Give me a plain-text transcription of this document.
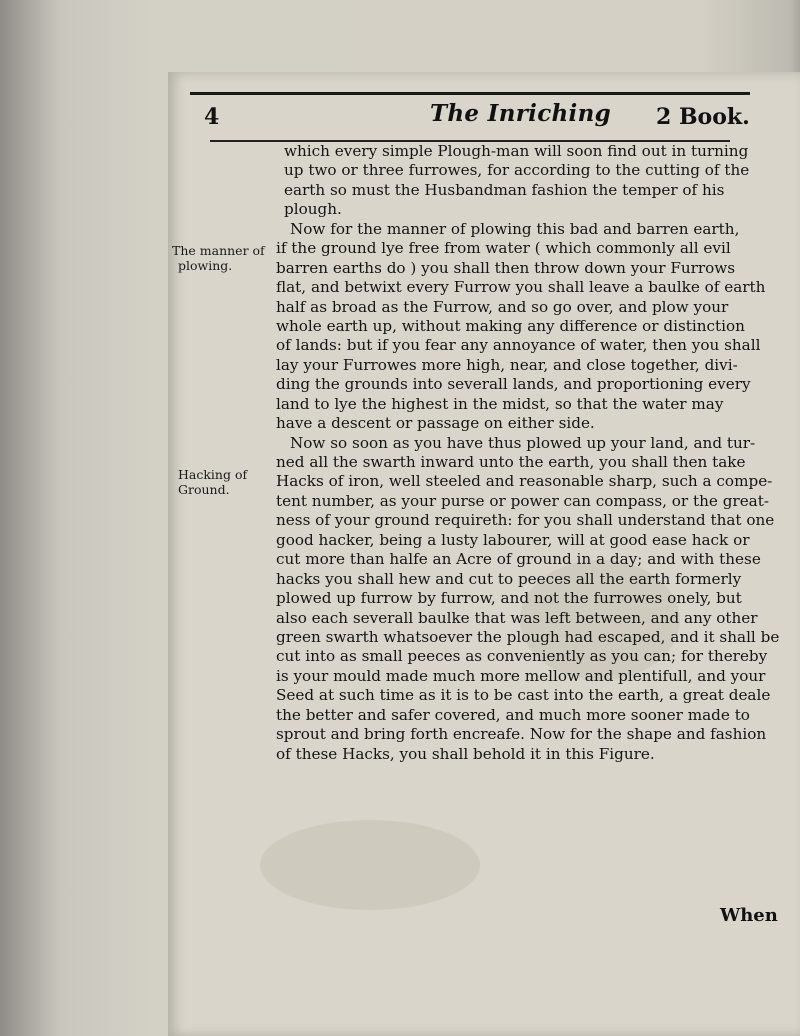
4	The Inriching 2 Book.
The manner of
plowing.
Hacking of
Ground.
which every simple Plough-man will soon find out in turning
up two or three furrowes, for according to the cutting of the
earth so must the Husbandman fashion the temper of his
plough.
Now for the manner of plowing this bad and barren earth,
if the ground lye free from water ( which commonly all evil
barren earths do ) you shall then throw down your Furrows
flat, and betwixt every Furrow you shall leave a baulke of earth
half as broad as the Furrow, and so go over, and plow your
whole earth up, without making any difference or distinction
of lands: but if you fear any annoyance of water, then you shall
lay your Furrowes more high, near, and close together, divi-
ding the grounds into severall lands, and proportioning every
land to lye the highest in the midst, so that the water may
have a descent or passage on either side.
Now so soon as you have thus plowed up your land, and tur-
ned all the swarth inward unto the earth, you shall then take
Hacks of iron, well steeled and reasonable sharp, such a compe-
tent number, as your purse or power can compass, or the great-
ness of your ground requireth: for you shall understand that one
good hacker, being a lusty labourer, will at good ease hack or
cut more than halfe an Acre of ground in a day; and with these
hacks you shall hew and cut to peeces all the earth formerly
plowed up furrow by furrow, and not the furrowes onely, but
also each severall baulke that was left between, and any other
green swarth whatsoever the plough had escaped, and it shall be
cut into as small peeces as conveniently as you can; for thereby
is your mould made much more mellow and plentifull, and your
Seed at such time as it is to be cast into the earth, a great deale
the better and safer covered, and much more sooner made to
sprout and bring forth encreafe. Now for the shape and fashion
of these Hacks, you shall behold it in this Figure.
When
